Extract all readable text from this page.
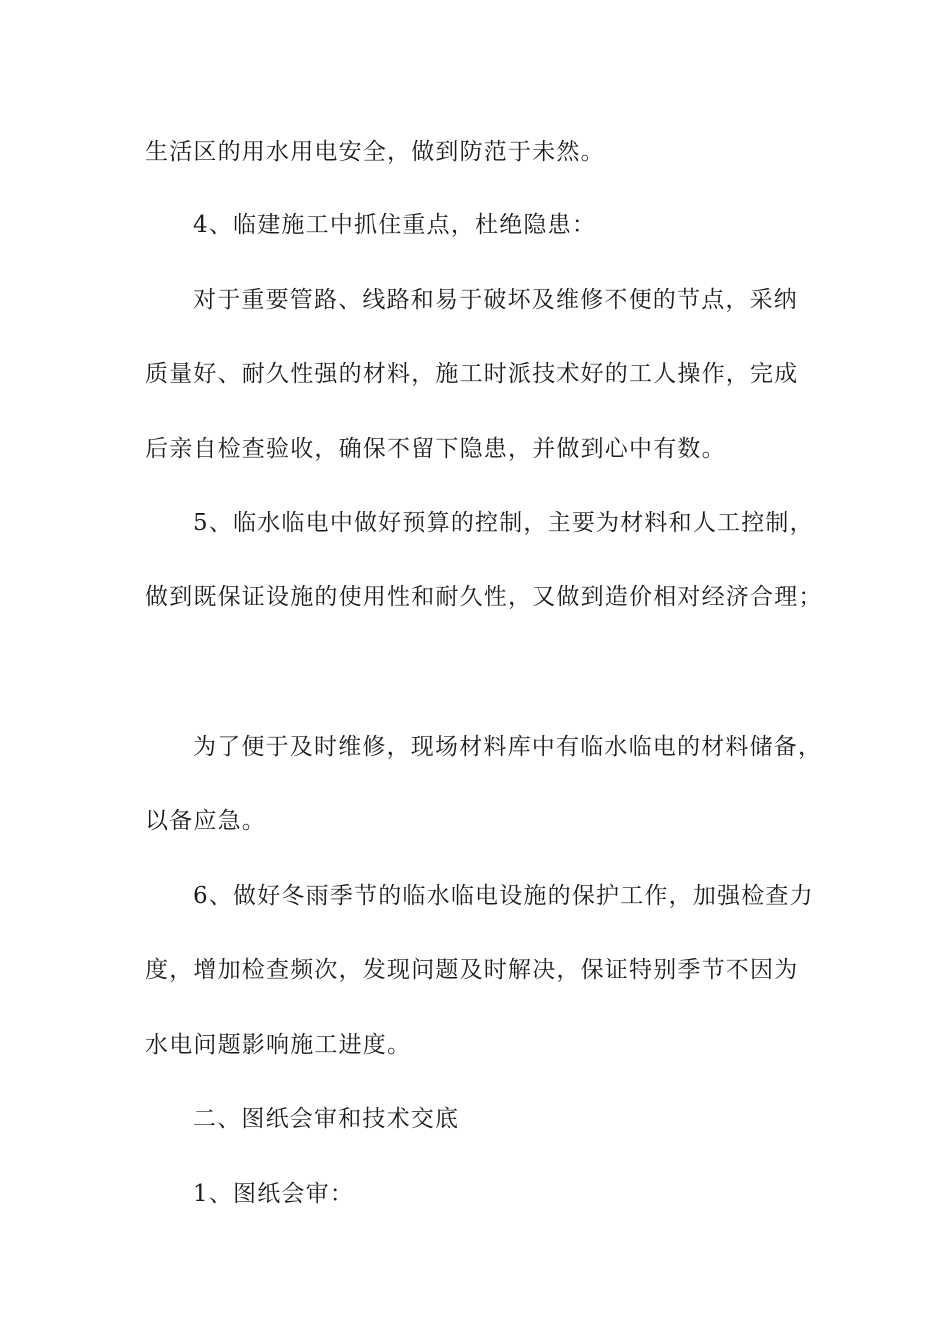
生活区的用水用电安全，做到防范于未然。
4、临建施工中抓住重点，杜绝隐患：
对于重要管路、线路和易于破坏及维修不便的节点，采纳
质量好、耐久性强的材料，施工时派技术好的工人操作，完成
后亲自检查验收，确保不留下隐患，并做到心中有数。
5、临水临电中做好预算的控制，主要为材料和人工控制，
做到既保证设施的使用性和耐久性，又做到造价相对经济合理；
为了便于及时维修，现场材料库中有临水临电的材料储备，
以备应急。
6、做好冬雨季节的临水临电设施的保护工作，加强检查力
度，增加检查频次，发现问题及时解决，保证特别季节不因为
水电问题影响施工进度。
二、图纸会审和技术交底
1、图纸会审：
